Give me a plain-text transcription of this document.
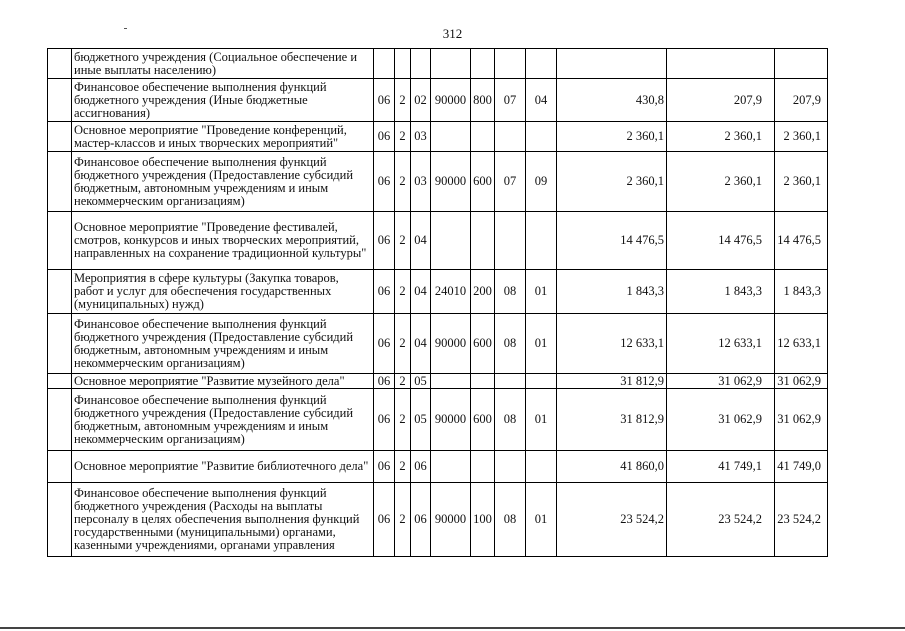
312
	бюджетного учреждения (Социальное обеспечение и иные выплаты населению)										
	Финансовое обеспечение выполнения функций бюджетного учреждения (Иные бюджетные ассигнования)	06	2	02	90000	800	07	04	430,8	207,9	207,9
	Основное мероприятие "Проведение конференций, мастер-классов и иных творческих мероприятий"	06	2	03					2 360,1	2 360,1	2 360,1
	Финансовое обеспечение выполнения функций бюджетного учреждения (Предоставление субсидий бюджетным, автономным учреждениям и иным некоммерческим организациям)	06	2	03	90000	600	07	09	2 360,1	2 360,1	2 360,1
	Основное мероприятие "Проведение фестивалей, смотров, конкурсов и иных творческих мероприятий, направленных на сохранение традиционной культуры"	06	2	04					14 476,5	14 476,5	14 476,5
	Мероприятия в сфере культуры (Закупка товаров, работ и услуг для обеспечения государственных (муниципальных) нужд)	06	2	04	24010	200	08	01	1 843,3	1 843,3	1 843,3
	Финансовое обеспечение выполнения функций бюджетного учреждения (Предоставление субсидий бюджетным, автономным учреждениям и иным некоммерческим организациям)	06	2	04	90000	600	08	01	12 633,1	12 633,1	12 633,1
	Основное мероприятие "Развитие музейного дела"	06	2	05					31 812,9	31 062,9	31 062,9
	Финансовое обеспечение выполнения функций бюджетного учреждения (Предоставление субсидий бюджетным, автономным учреждениям и иным некоммерческим организациям)	06	2	05	90000	600	08	01	31 812,9	31 062,9	31 062,9
	Основное мероприятие "Развитие библиотечного дела"	06	2	06					41 860,0	41 749,1	41 749,0
	Финансовое обеспечение выполнения функций бюджетного учреждения (Расходы на выплаты персоналу в целях обеспечения выполнения функций государственными (муниципальными) органами, казенными учреждениями, органами управления	06	2	06	90000	100	08	01	23 524,2	23 524,2	23 524,2
